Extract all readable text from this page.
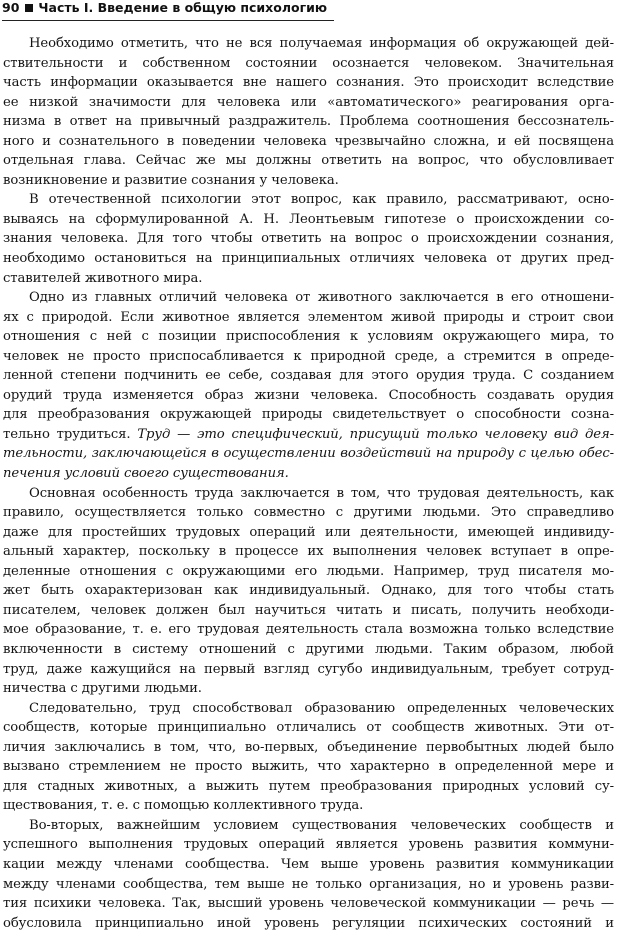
90 Часть I. Введение в общую психологию

Необходимо отметить, что не вся получаемая информация об окружающей дей-
ствительности и собственном состоянии осознается человеком. Значительная
часть информации оказывается вне нашего сознания. Это происходит вследствие
ее низкой значимости для человека или «автоматического» реагирования орга-
низма в ответ на привычный раздражитель. Проблема соотношения бессознатель-
ного и сознательного в поведении человека чрезвычайно сложна, и ей посвящена
отдельная глава. Сейчас же мы должны ответить на вопрос, что обусловливает
возникновение и развитие сознания у человека.

В отечественной психологии этот вопрос, как правило, рассматривают, осно-
вываясь на сформулированной А. Н. Леонтьевым гипотезе о происхождении со-
знания человека. Для того чтобы ответить на вопрос о происхождении сознания,
необходимо остановиться на принципиальных отличиях человека от других пред-
ставителей животного мира.

Одно из главных отличий человека от животного заключается в его отношени-
ях с природой. Если животное является элементом живой природы и строит свои
отношения с ней с позиции приспособления к условиям окружающего мира, то
человек не просто приспосабливается к природной среде, а стремится в опреде-
ленной степени подчинить ее себе, создавая для этого орудия труда. С созданием
орудий труда изменяется образ жизни человека. Способность создавать орудия
для преобразования окружающей природы свидетельствует о способности созна-
тельно трудиться. Труд — это специфический, присущий только человеку вид дея-
тельности, заключающейся в осуществлении воздействий на природу с целью обес-
печения условий своего существования.

Основная особенность труда заключается в том, что трудовая деятельность, как
правило, осуществляется только совместно с другими людьми. Это справедливо
даже для простейших трудовых операций или деятельности, имеющей индивиду-
альный характер, поскольку в процессе их выполнения человек вступает в опре-
деленные отношения с окружающими его людьми. Например, труд писателя мо-
жет быть охарактеризован как индивидуальный. Однако, для того чтобы стать
писателем, человек должен был научиться читать и писать, получить необходи-
мое образование, т. е. его трудовая деятельность стала возможна только вследствие
включенности в систему отношений с другими людьми. Таким образом, любой
труд, даже кажущийся на первый взгляд сугубо индивидуальным, требует сотруд-
ничества с другими людьми.

Следовательно, труд способствовал образованию определенных человеческих
сообществ, которые принципиально отличались от сообществ животных. Эти от-
личия заключались в том, что, во-первых, объединение первобытных людей было
вызвано стремлением не просто выжить, что характерно в определенной мере и
для стадных животных, а выжить путем преобразования природных условий су-
ществования, т. е. с помощью коллективного труда.

Во-вторых, важнейшим условием существования человеческих сообществ и
успешного выполнения трудовых операций является уровень развития коммуни-
кации между членами сообщества. Чем выше уровень развития коммуникации
между членами сообщества, тем выше не только организация, но и уровень разви-
тия психики человека. Так, высший уровень человеческой коммуникации — речь —
обусловила принципиально иной уровень регуляции психических состояний и
